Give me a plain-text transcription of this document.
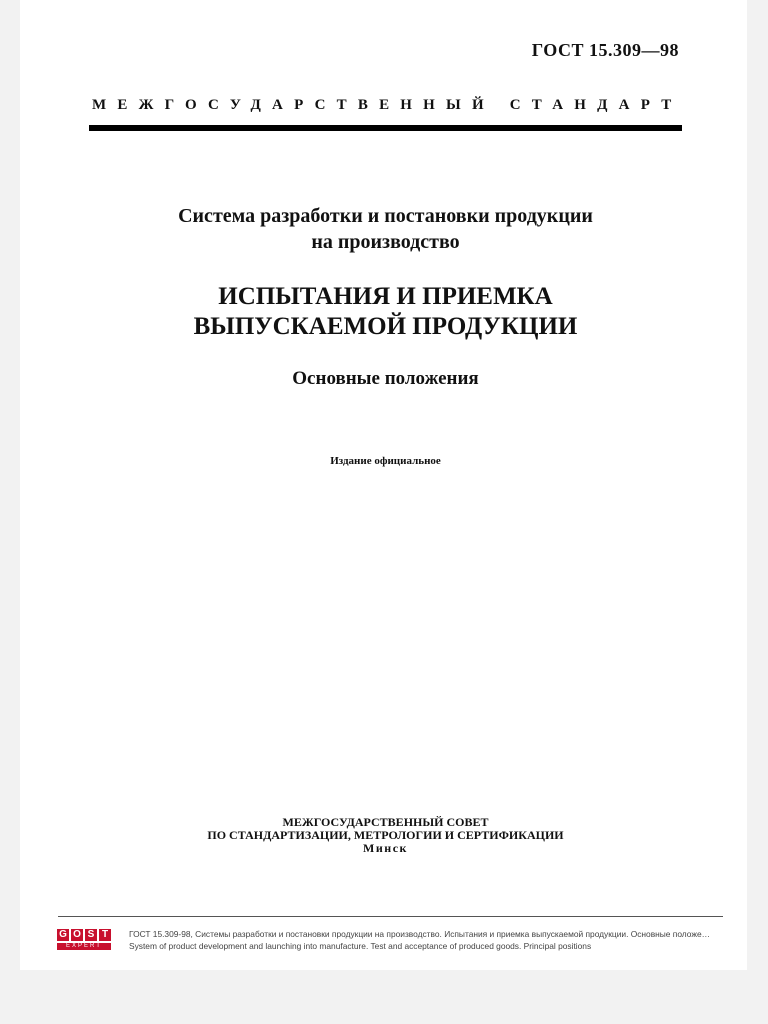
ГОСТ 15.309—98
МЕЖГОСУДАРСТВЕННЫЙ СТАНДАРТ
Система разработки и постановки продукции
на производство
ИСПЫТАНИЯ И ПРИЕМКА
ВЫПУСКАЕМОЙ ПРОДУКЦИИ
Основные положения
Издание официальное
МЕЖГОСУДАРСТВЕННЫЙ СОВЕТ
ПО СТАНДАРТИЗАЦИИ, МЕТРОЛОГИИ И СЕРТИФИКАЦИИ
Минск
G O S T
EXPERT
ГОСТ 15.309-98, Системы разработки и постановки продукции на производство. Испытания и приемка выпускаемой продукции. Основные положе…
System of product development and launching into manufacture. Test and acceptance of produced goods. Principal positions
